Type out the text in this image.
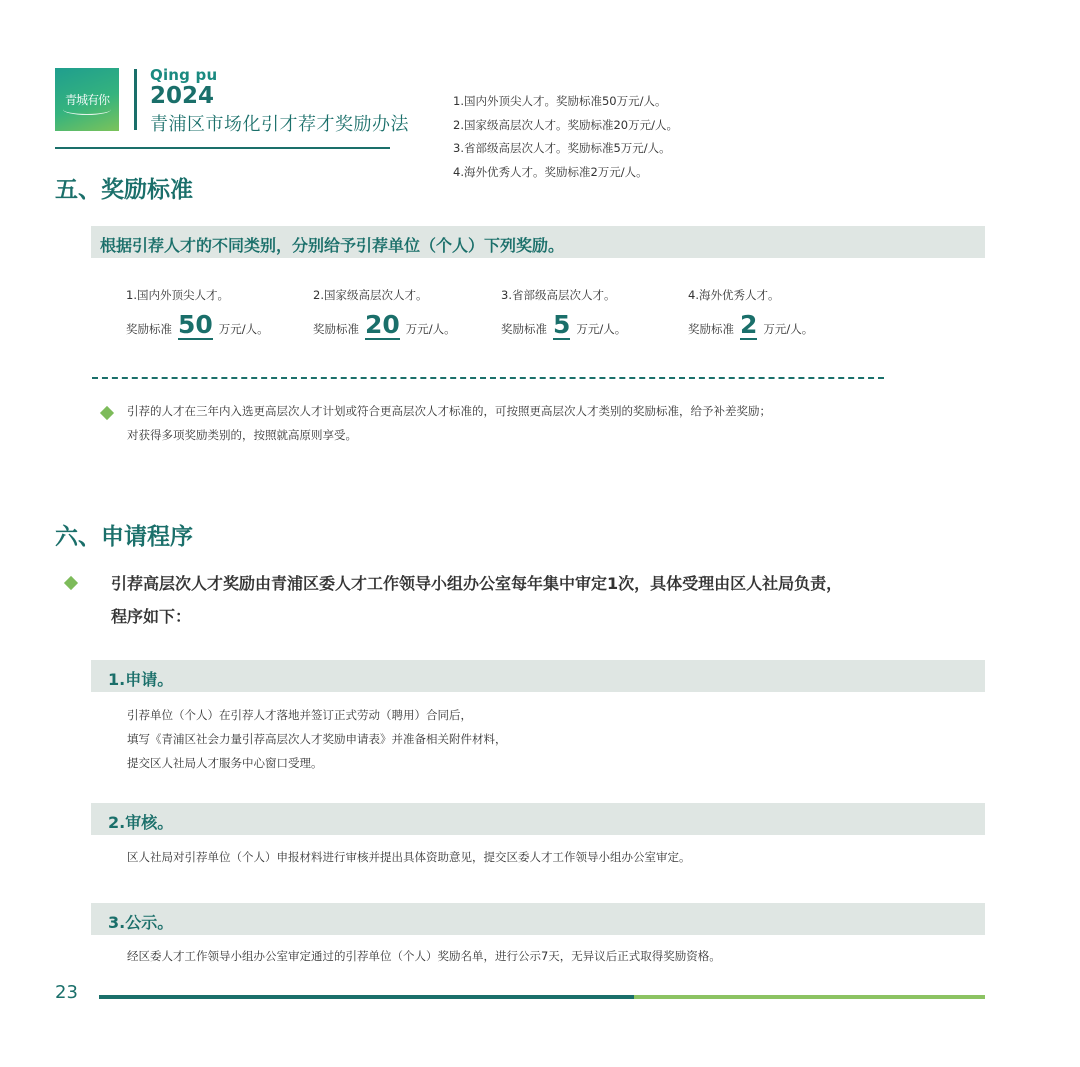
青城有你
Qing pu
2024
青浦区市场化引才荐才奖励办法
1.国内外顶尖人才。奖励标准50万元/人。
2.国家级高层次人才。奖励标准20万元/人。
3.省部级高层次人才。奖励标准5万元/人。
4.海外优秀人才。奖励标准2万元/人。
五、奖励标准
根据引荐人才的不同类别，分别给予引荐单位（个人）下列奖励。
1.国内外顶尖人才。
奖励标准 50 万元/人。
2.国家级高层次人才。
奖励标准 20 万元/人。
3.省部级高层次人才。
奖励标准 5 万元/人。
4.海外优秀人才。
奖励标准 2 万元/人。
引荐的人才在三年内入选更高层次人才计划或符合更高层次人才标准的，可按照更高层次人才类别的奖励标准，给予补差奖励；
对获得多项奖励类别的，按照就高原则享受。
六、申请程序
引荐高层次人才奖励由青浦区委人才工作领导小组办公室每年集中审定1次，具体受理由区人社局负责，
程序如下：
1.申请。
引荐单位（个人）在引荐人才落地并签订正式劳动（聘用）合同后，
填写《青浦区社会力量引荐高层次人才奖励申请表》并准备相关附件材料，
提交区人社局人才服务中心窗口受理。
2.审核。
区人社局对引荐单位（个人）申报材料进行审核并提出具体资助意见，提交区委人才工作领导小组办公室审定。
3.公示。
经区委人才工作领导小组办公室审定通过的引荐单位（个人）奖励名单，进行公示7天，无异议后正式取得奖励资格。
23
